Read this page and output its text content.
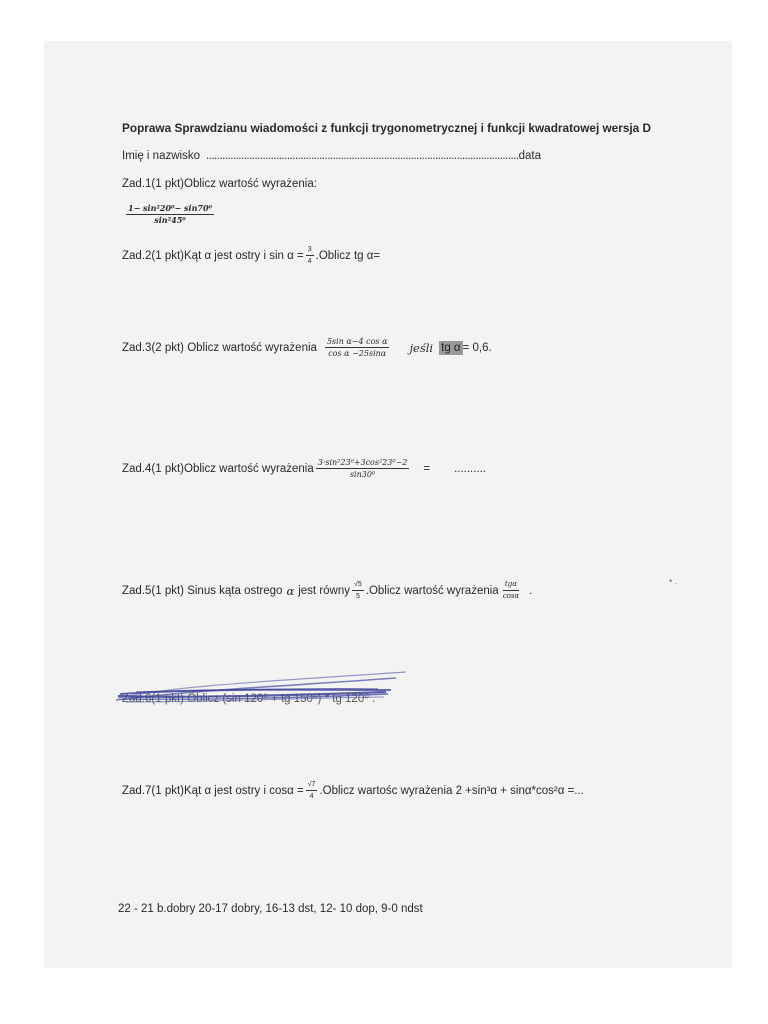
Poprawa Sprawdzianu wiadomości z funkcji trygonometrycznej i funkcji kwadratowej wersja D
Imię i nazwisko .................................................................................................................... data
Zad.1(1 pkt)Oblicz wartość wyrażenia:
$\frac{\text{1− sin²20⁰− sin70⁰}}{\text{sin²45⁰}}$
Zad.2(1 pkt)Kąt α jest ostry i $\sin \alpha = \frac{3}{4}$ .Oblicz tg α=
Zad.3(2 pkt) Oblicz wartość wyrażenia $\frac{\text{5sin α−4 cos α}}{\text{cos α −25sinα}}$ jeśli tg α = 0,6.
Zad.4(1 pkt)Oblicz wartość wyrażenia $\frac{\text{3·sin²23⁰+3cos²23⁰−2}}{\text{sin30⁰}}$ = ..........
Zad.5(1 pkt) Sinus kąta ostrego α jest równy $\frac{√5}{5}$ .Oblicz wartość wyrażenia $\frac{\text{tgα}}{\cos\alpha}$ .
Zad.6(1 pkt) Oblicz (sin 120⁰ + tg 150⁰) * tg 120⁰ .
Zad.7(1 pkt)Kąt α jest ostry i $\cos\alpha = \frac{√7}{4}$ .Oblicz wartośc wyrażenia 2 +sin³α + sinα*cos²α =...
22 - 21 b.dobry 20-17 dobry, 16-13 dst, 12- 10 dop, 9-0 ndst
• .
